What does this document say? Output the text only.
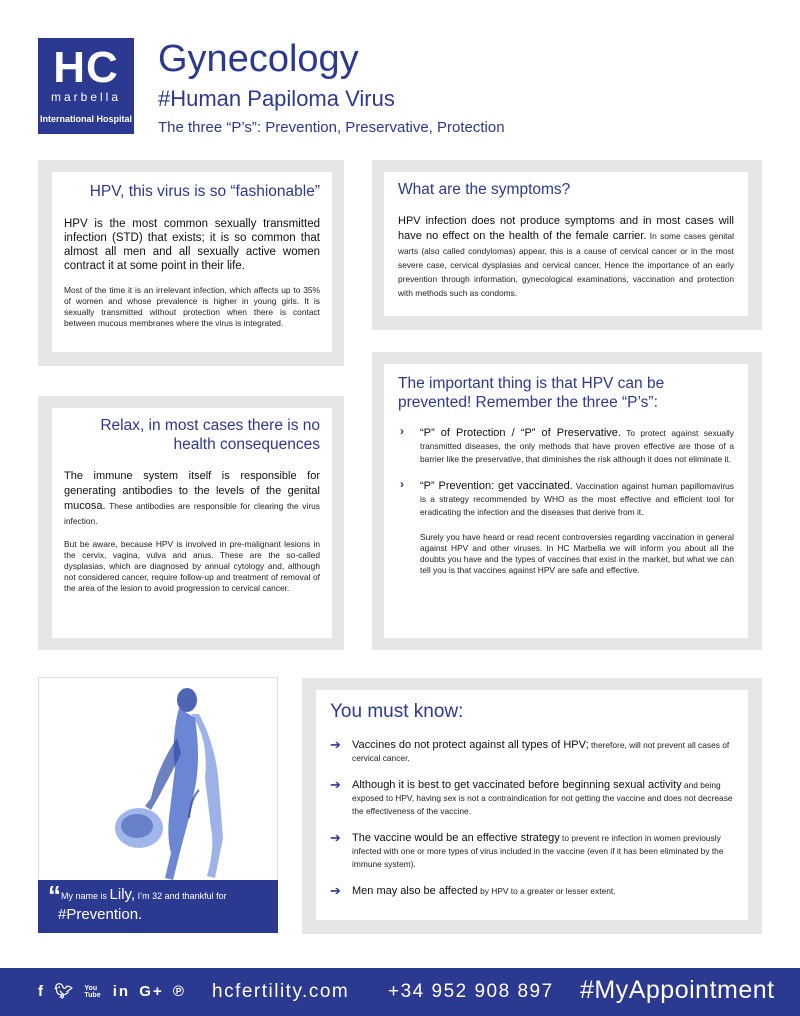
HC
marbella
International Hospital
Gynecology
#Human Papiloma Virus
The three “P’s”: Prevention, Preservative, Protection
HPV, this virus is so “fashionable”

HPV is the most common sexually transmitted infection (STD) that exists; it is so common that almost all men and all sexually active women contract it at some point in their life.

Most of the time it is an irrelevant infection, which affects up to 35% of women and whose prevalence is higher in young girls. It is sexually transmitted without protection when there is contact between mucous membranes where the virus is integrated.

Relax, in most cases there is no health consequences

The immune system itself is responsible for generating antibodies to the levels of the genital mucosa. These antibodies are responsible for clearing the virus infection.

But be aware, because HPV is involved in pre-malignant lesions in the cervix, vagina, vulva and anus. These are the so-called dysplasias, which are diagnosed by annual cytology and, although not considered cancer, require follow-up and treatment of removal of the area of the lesion to avoid progression to cervical cancer.

What are the symptoms?

HPV infection does not produce symptoms and in most cases will have no effect on the health of the female carrier. In some cases genital warts (also called condylomas) appear, this is a cause of cervical cancer or in the most severe case, cervical dysplasias and cervical cancer, Hence the importance of an early prevention through information, gynecological examinations, vaccination and protection with methods such as condoms.

The important thing is that HPV can be prevented! Remember the three “P’s”:
› “P” of Protection / “P” of Preservative. To protect against sexually transmitted diseases, the only methods that have proven effective are those of a barrier like the preservative, that diminishes the risk although it does not eliminate it.
› “P” Prevention: get vaccinated. Vaccination against human papillomavirus is a strategy recommended by WHO as the most effective and efficient tool for eradicating the infection and the diseases that derive from it.

Surely you have heard or read recent controversies regarding vaccination in general against HPV and other viruses. In HC Marbella we will inform you about all the doubts you have and the types of vaccines that exist in the market, but what we can tell you is that vaccines against HPV are safe and effective.

“My name is Lily, I’m 32 and thankful for
#Prevention.
You must know:
➔ Vaccines do not protect against all types of HPV; therefore, will not prevent all cases of cervical cancer.
➔ Although it is best to get vaccinated before beginning sexual activity and being exposed to HPV, having sex is not a contraindication for not getting the vaccine and does not decrease the effectiveness of the vaccine.
➔ The vaccine would be an effective strategy to prevent re infection in women previously infected with one or more types of virus included in the vaccine (even if it has been eliminated by the immune system).
➔ Men may also be affected by HPV to a greater or lesser extent.
f 🐦︎ You
Tube in G+ ℗ hcfertility.com +34 952 908 897 #MyAppointment
